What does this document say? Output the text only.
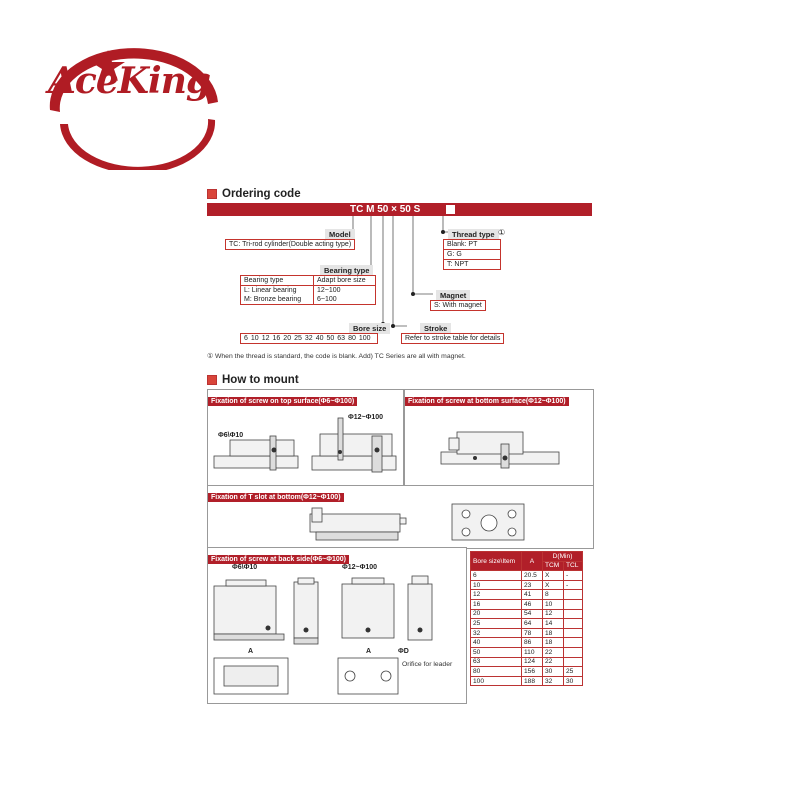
AceKing
Ordering code
TC M 50 × 50 S
Model
TC: Tri-rod cylinder(Double acting type)
Bearing type
Bearing type	Adapt bore size
L: Linear bearing	12~100
M: Bronze bearing	6~100
Bore size
6 10 12 16 20 25 32 40 50 63 80 100
Stroke
Refer to stroke table for details
Thread type ①
Blank: PT
G: G
T: NPT
Magnet
S: With magnet
① When the thread is standard, the code is blank. Add) TC Series are all with magnet.
How to mount
Fixation of screw on top surface(Φ6~Φ100)
Φ6\Φ10
Φ12~Φ100
Fixation of screw at bottom surface(Φ12~Φ100)
Fixation of T slot at bottom(Φ12~Φ100)
Fixation of screw at back side(Φ6~Φ100)
Φ6\Φ10	Φ12~Φ100
A	A	ΦD
Orifice for leader
Bore size\Item	A	D(Min)	
		TCM	TCL
6	20.5	X	-
10	23	X	-
12	41	8	
16	46	10	
20	54	12	
25	64	14	
32	78	18	
40	86	18	
50	110	22	
63	124	22	
80	156	30	25
100	188	32	30
